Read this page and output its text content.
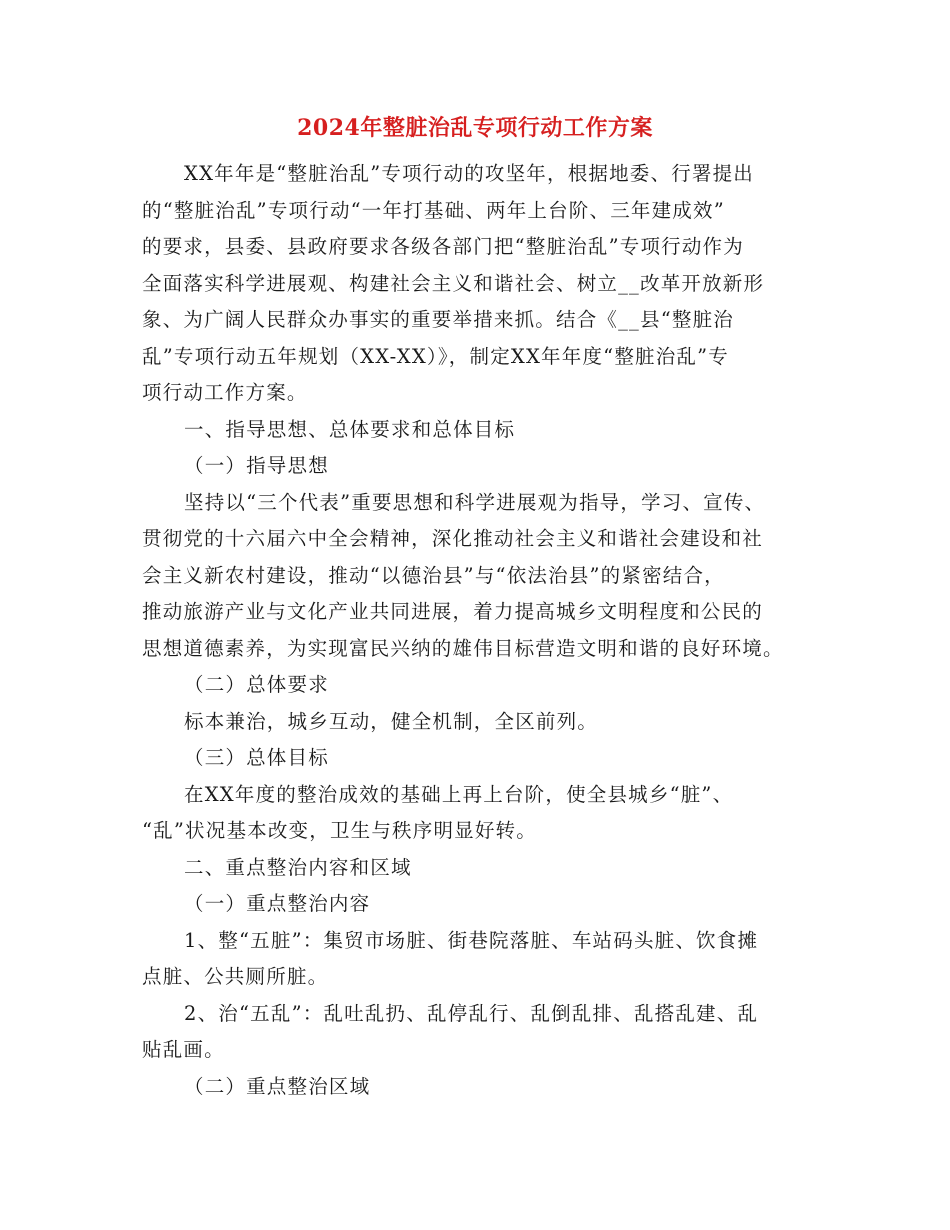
2024年整脏治乱专项行动工作方案
XX年年是“整脏治乱”专项行动的攻坚年，根据地委、行署提出
的“整脏治乱”专项行动“一年打基础、两年上台阶、三年建成效”
的要求，县委、县政府要求各级各部门把“整脏治乱”专项行动作为
全面落实科学进展观、构建社会主义和谐社会、树立__改革开放新形
象、为广阔人民群众办事实的重要举措来抓。结合《__县“整脏治
乱”专项行动五年规划（XX-XX）》，制定XX年年度“整脏治乱”专
项行动工作方案。
一、指导思想、总体要求和总体目标
（一）指导思想
坚持以“三个代表”重要思想和科学进展观为指导，学习、宣传、
贯彻党的十六届六中全会精神，深化推动社会主义和谐社会建设和社
会主义新农村建设，推动“以德治县”与“依法治县”的紧密结合，
推动旅游产业与文化产业共同进展，着力提高城乡文明程度和公民的
思想道德素养，为实现富民兴纳的雄伟目标营造文明和谐的良好环境。
（二）总体要求
标本兼治，城乡互动，健全机制，全区前列。
（三）总体目标
在XX年度的整治成效的基础上再上台阶，使全县城乡“脏”、
“乱”状况基本改变，卫生与秩序明显好转。
二、重点整治内容和区域
（一）重点整治内容
1、整“五脏”：集贸市场脏、街巷院落脏、车站码头脏、饮食摊
点脏、公共厕所脏。
2、治“五乱”：乱吐乱扔、乱停乱行、乱倒乱排、乱搭乱建、乱
贴乱画。
（二）重点整治区域
